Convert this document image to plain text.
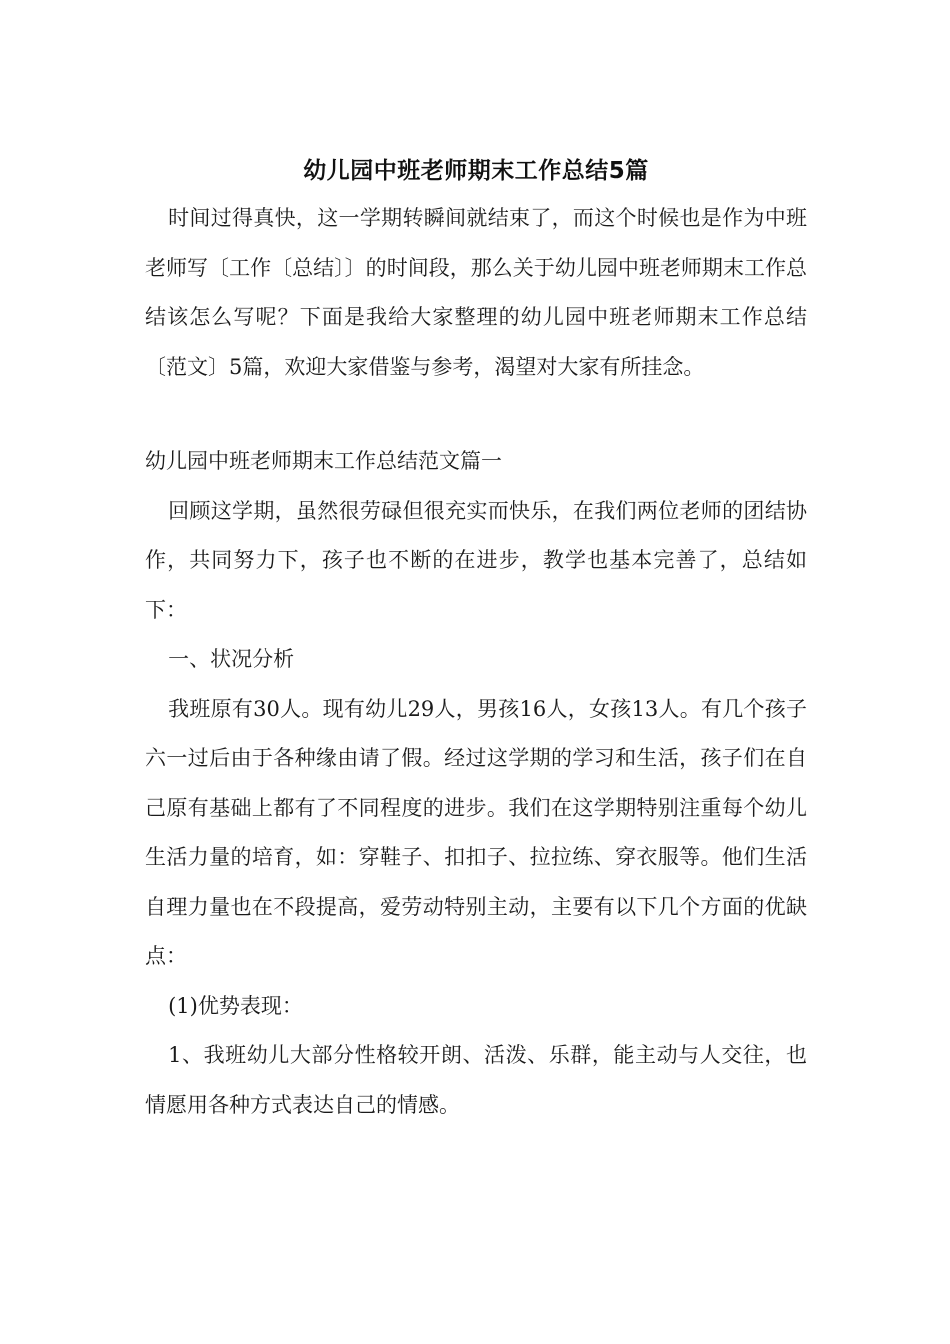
幼儿园中班老师期末工作总结5篇

时间过得真快，这一学期转瞬间就结束了，而这个时候也是作为中班老师写〔工作〔总结〕〕的时间段，那么关于幼儿园中班老师期末工作总结该怎么写呢？下面是我给大家整理的幼儿园中班老师期末工作总结〔范文〕5篇，欢迎大家借鉴与参考，渴望对大家有所挂念。

幼儿园中班老师期末工作总结范文篇一

回顾这学期，虽然很劳碌但很充实而快乐，在我们两位老师的团结协作，共同努力下，孩子也不断的在进步，教学也基本完善了，总结如下：

一、状况分析

我班原有30人。现有幼儿29人，男孩16人，女孩13人。有几个孩子六一过后由于各种缘由请了假。经过这学期的学习和生活，孩子们在自己原有基础上都有了不同程度的进步。我们在这学期特别注重每个幼儿生活力量的培育，如：穿鞋子、扣扣子、拉拉练、穿衣服等。他们生活自理力量也在不段提高，爱劳动特别主动，主要有以下几个方面的优缺点：

(1)优势表现：

1、我班幼儿大部分性格较开朗、活泼、乐群，能主动与人交往，也情愿用各种方式表达自己的情感。
